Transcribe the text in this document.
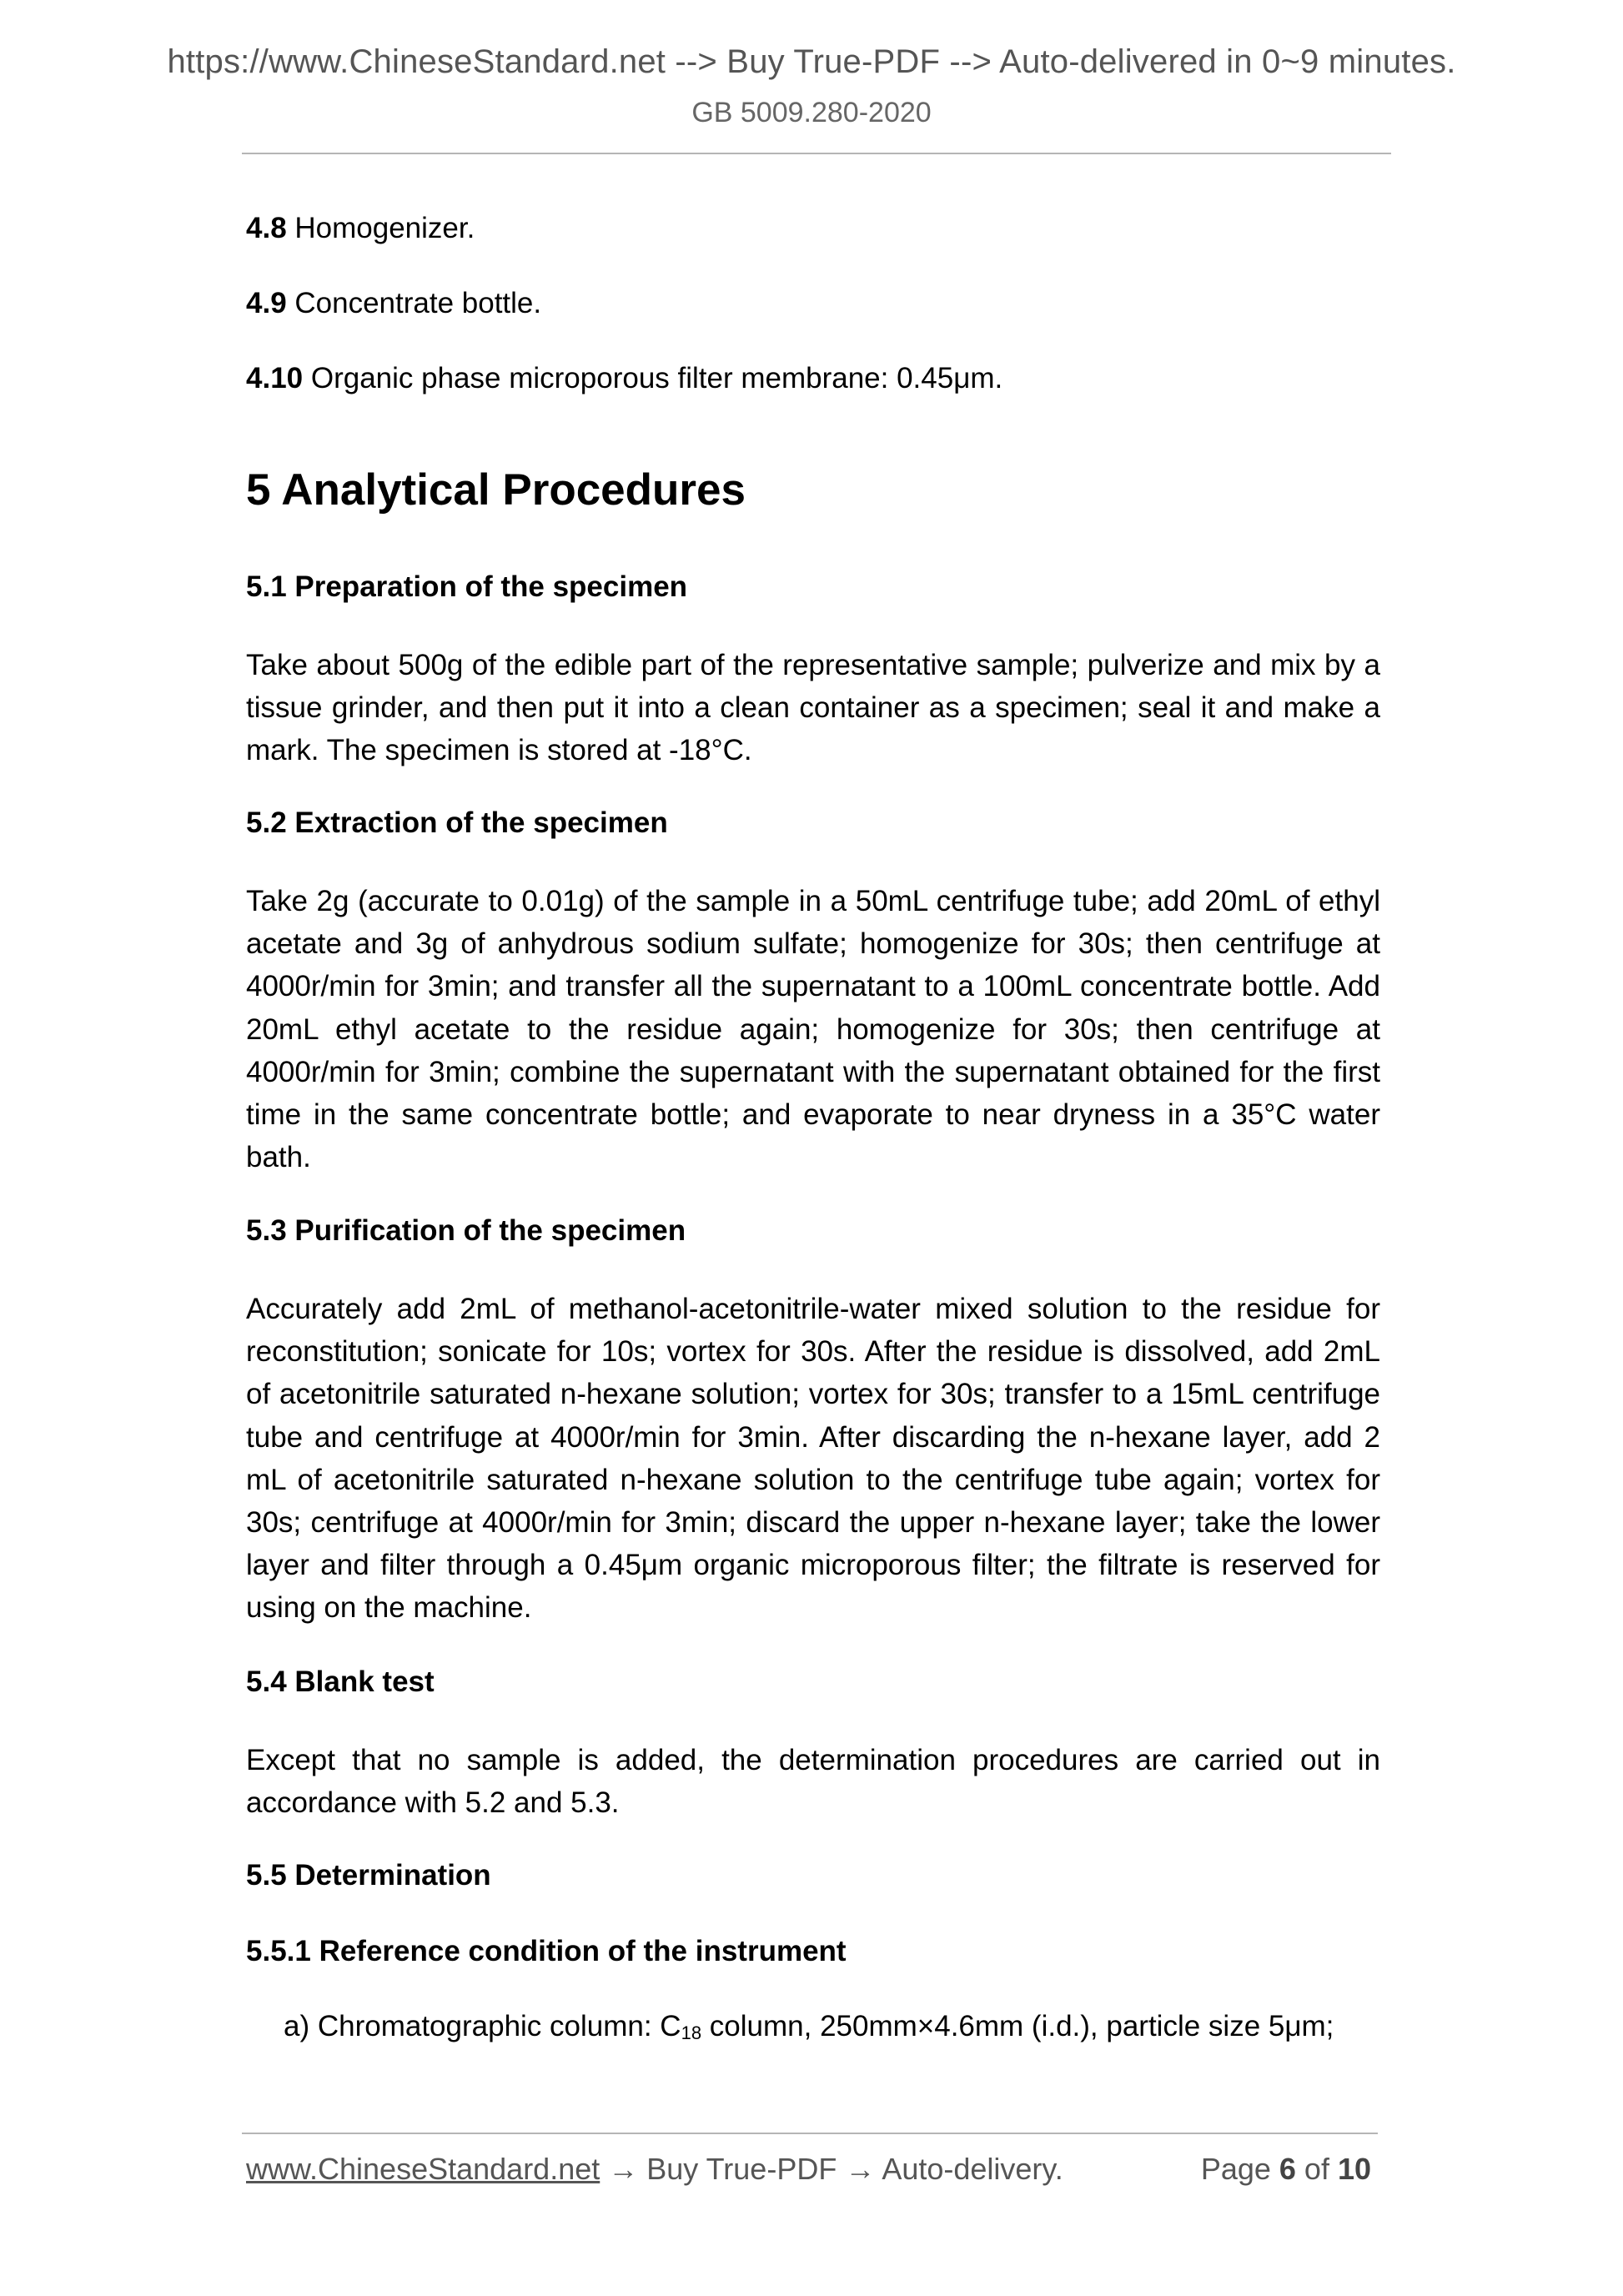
https://www.ChineseStandard.net --> Buy True-PDF --> Auto-delivered in 0~9 minutes.
GB 5009.280-2020
4.8 Homogenizer.
4.9 Concentrate bottle.
4.10 Organic phase microporous filter membrane: 0.45μm.
5 Analytical Procedures
5.1 Preparation of the specimen
Take about 500g of the edible part of the representative sample; pulverize and mix by a tissue grinder, and then put it into a clean container as a specimen; seal it and make a mark. The specimen is stored at -18°C.
5.2 Extraction of the specimen
Take 2g (accurate to 0.01g) of the sample in a 50mL centrifuge tube; add 20mL of ethyl acetate and 3g of anhydrous sodium sulfate; homogenize for 30s; then centrifuge at 4000r/min for 3min; and transfer all the supernatant to a 100mL concentrate bottle. Add 20mL ethyl acetate to the residue again; homogenize for 30s; then centrifuge at 4000r/min for 3min; combine the supernatant with the supernatant obtained for the first time in the same concentrate bottle; and evaporate to near dryness in a 35°C water bath.
5.3 Purification of the specimen
Accurately add 2mL of methanol-acetonitrile-water mixed solution to the residue for reconstitution; sonicate for 10s; vortex for 30s. After the residue is dissolved, add 2mL of acetonitrile saturated n-hexane solution; vortex for 30s; transfer to a 15mL centrifuge tube and centrifuge at 4000r/min for 3min. After discarding the n-hexane layer, add 2 mL of acetonitrile saturated n-hexane solution to the centrifuge tube again; vortex for 30s; centrifuge at 4000r/min for 3min; discard the upper n-hexane layer; take the lower layer and filter through a 0.45μm organic microporous filter; the filtrate is reserved for using on the machine.
5.4 Blank test
Except that no sample is added, the determination procedures are carried out in accordance with 5.2 and 5.3.
5.5 Determination
5.5.1 Reference condition of the instrument
a) Chromatographic column: $C_{18}$ column, 250mm×4.6mm (i.d.), particle size 5μm;
www.ChineseStandard.net → Buy True-PDF → Auto-delivery.	Page 6 of 10
